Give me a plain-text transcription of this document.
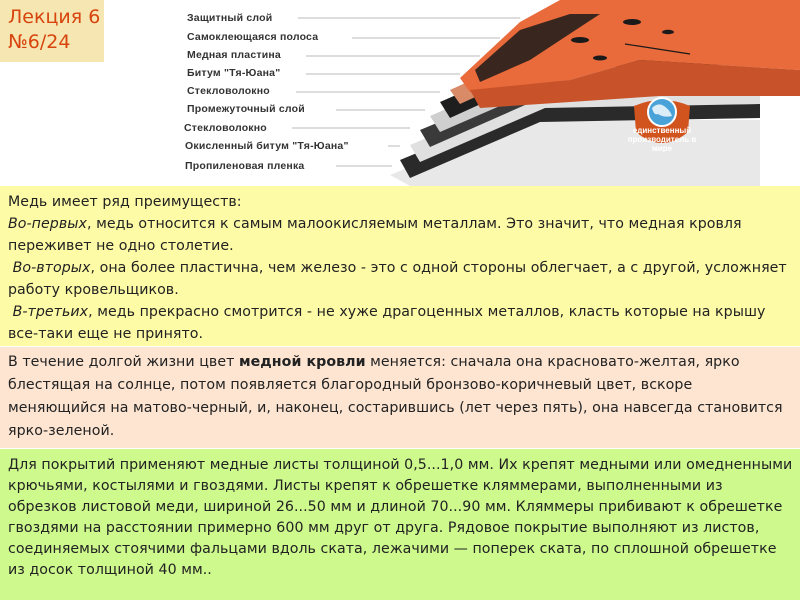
Защитный слой
Самоклеющаяся полоса
Медная пластина
Битум "Тя-Юана"
Стекловолокно
Промежуточный слой
Стекловолокно
Окисленный битум "Тя-Юана"
Пропиленовая пленка
единственный производитель в мире
Лекция 6
№6/24

Медь имеет ряд преимуществ:

Во-первых, медь относится к самым малоокисляемым металлам. Это значит, что медная кровля переживет не одно столетие.

Во-вторых, она более пластична, чем железо - это с одной стороны облегчает, а с другой, усложняет работу кровельщиков.

В-третьих, медь прекрасно смотрится - не хуже драгоценных металлов, класть которые на крышу все-таки еще не принято.

В течение долгой жизни цвет медной кровли меняется: сначала она красновато-желтая, ярко блестящая на солнце, потом появляется благородный бронзово-коричневый цвет, вскоре меняющийся на матово-черный, и, наконец, состарившись (лет через пять), она навсегда становится ярко-зеленой.

Для покрытий применяют медные листы толщиной 0,5...1,0 мм. Их крепят медными или омедненными крючьями, костылями и гвоздями. Листы крепят к обрешетке кляммерами, выполненными из обрезков листовой меди, шириной 26...50 мм и длиной 70...90 мм. Кляммеры прибивают к обрешетке гвоздями на расстоянии примерно 600 мм друг от друга. Рядовое покрытие выполняют из листов, соединяемых стоячими фальцами вдоль ската, лежачими — поперек ската, по сплошной обрешетке из досок толщиной 40 мм..
